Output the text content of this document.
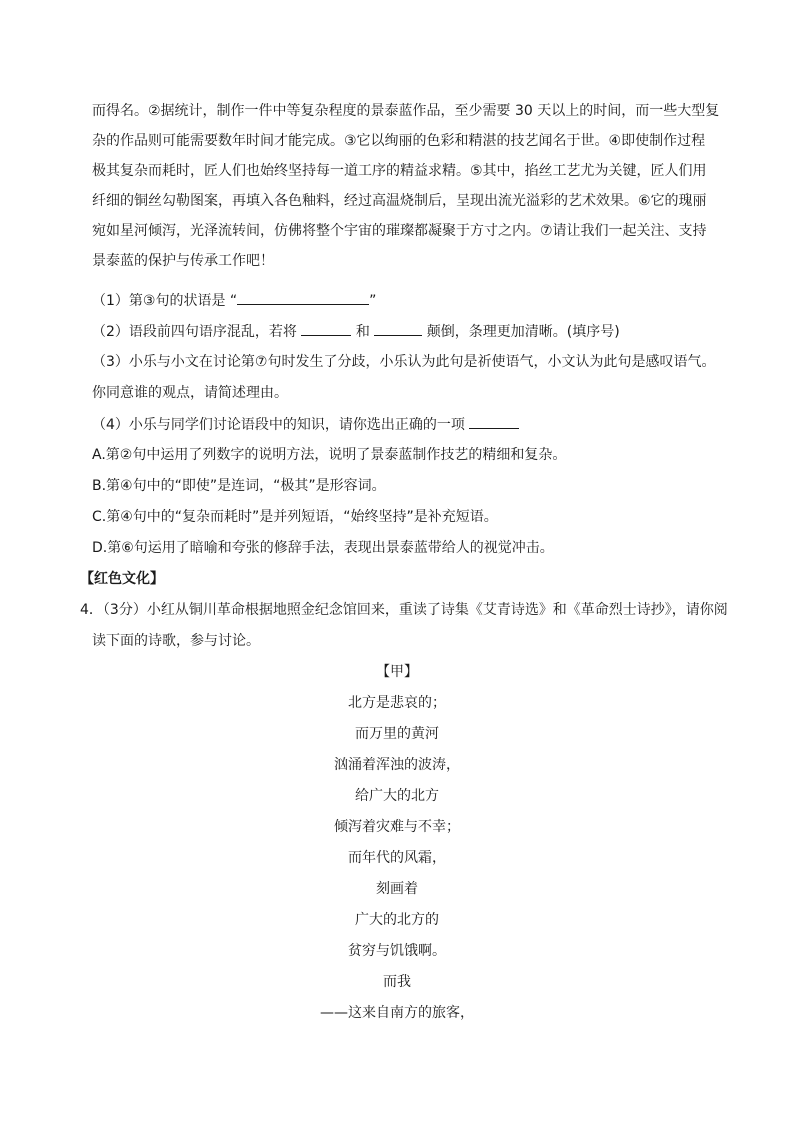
而得名。②据统计，制作一件中等复杂程度的景泰蓝作品，至少需要 30 天以上的时间，而一些大型复
杂的作品则可能需要数年时间才能完成。③它以绚丽的色彩和精湛的技艺闻名于世。④即使制作过程
极其复杂而耗时，匠人们也始终坚持每一道工序的精益求精。⑤其中，掐丝工艺尤为关键，匠人们用
纤细的铜丝勾勒图案，再填入各色釉料，经过高温烧制后，呈现出流光溢彩的艺术效果。⑥它的瑰丽
宛如星河倾泻，光泽流转间，仿佛将整个宇宙的璀璨都凝聚于方寸之内。⑦请让我们一起关注、支持
景泰蓝的保护与传承工作吧！
（1）第③句的状语是 “	”
（2）语段前四句语序混乱，若将	和	颠倒，条理更加清晰。(填序号)
（3）小乐与小文在讨论第⑦句时发生了分歧，小乐认为此句是祈使语气，小文认为此句是感叹语气。
你同意谁的观点，请简述理由。
（4）小乐与同学们讨论语段中的知识，请你选出正确的一项
A.第②句中运用了列数字的说明方法，说明了景泰蓝制作技艺的精细和复杂。
B.第④句中的“即使”是连词，“极其”是形容词。
C.第④句中的“复杂而耗时”是并列短语，“始终坚持”是补充短语。
D.第⑥句运用了暗喻和夸张的修辞手法，表现出景泰蓝带给人的视觉冲击。
【红色文化】
4．（3分）小红从铜川革命根据地照金纪念馆回来，重读了诗集《艾青诗选》和《革命烈士诗抄》，请你阅
读下面的诗歌，参与讨论。
【甲】
北方是悲哀的；
而万里的黄河
汹涌着浑浊的波涛，
给广大的北方
倾泻着灾难与不幸；
而年代的风霜，
刻画着
广大的北方的
贫穷与饥饿啊。
而我
——这来自南方的旅客，
